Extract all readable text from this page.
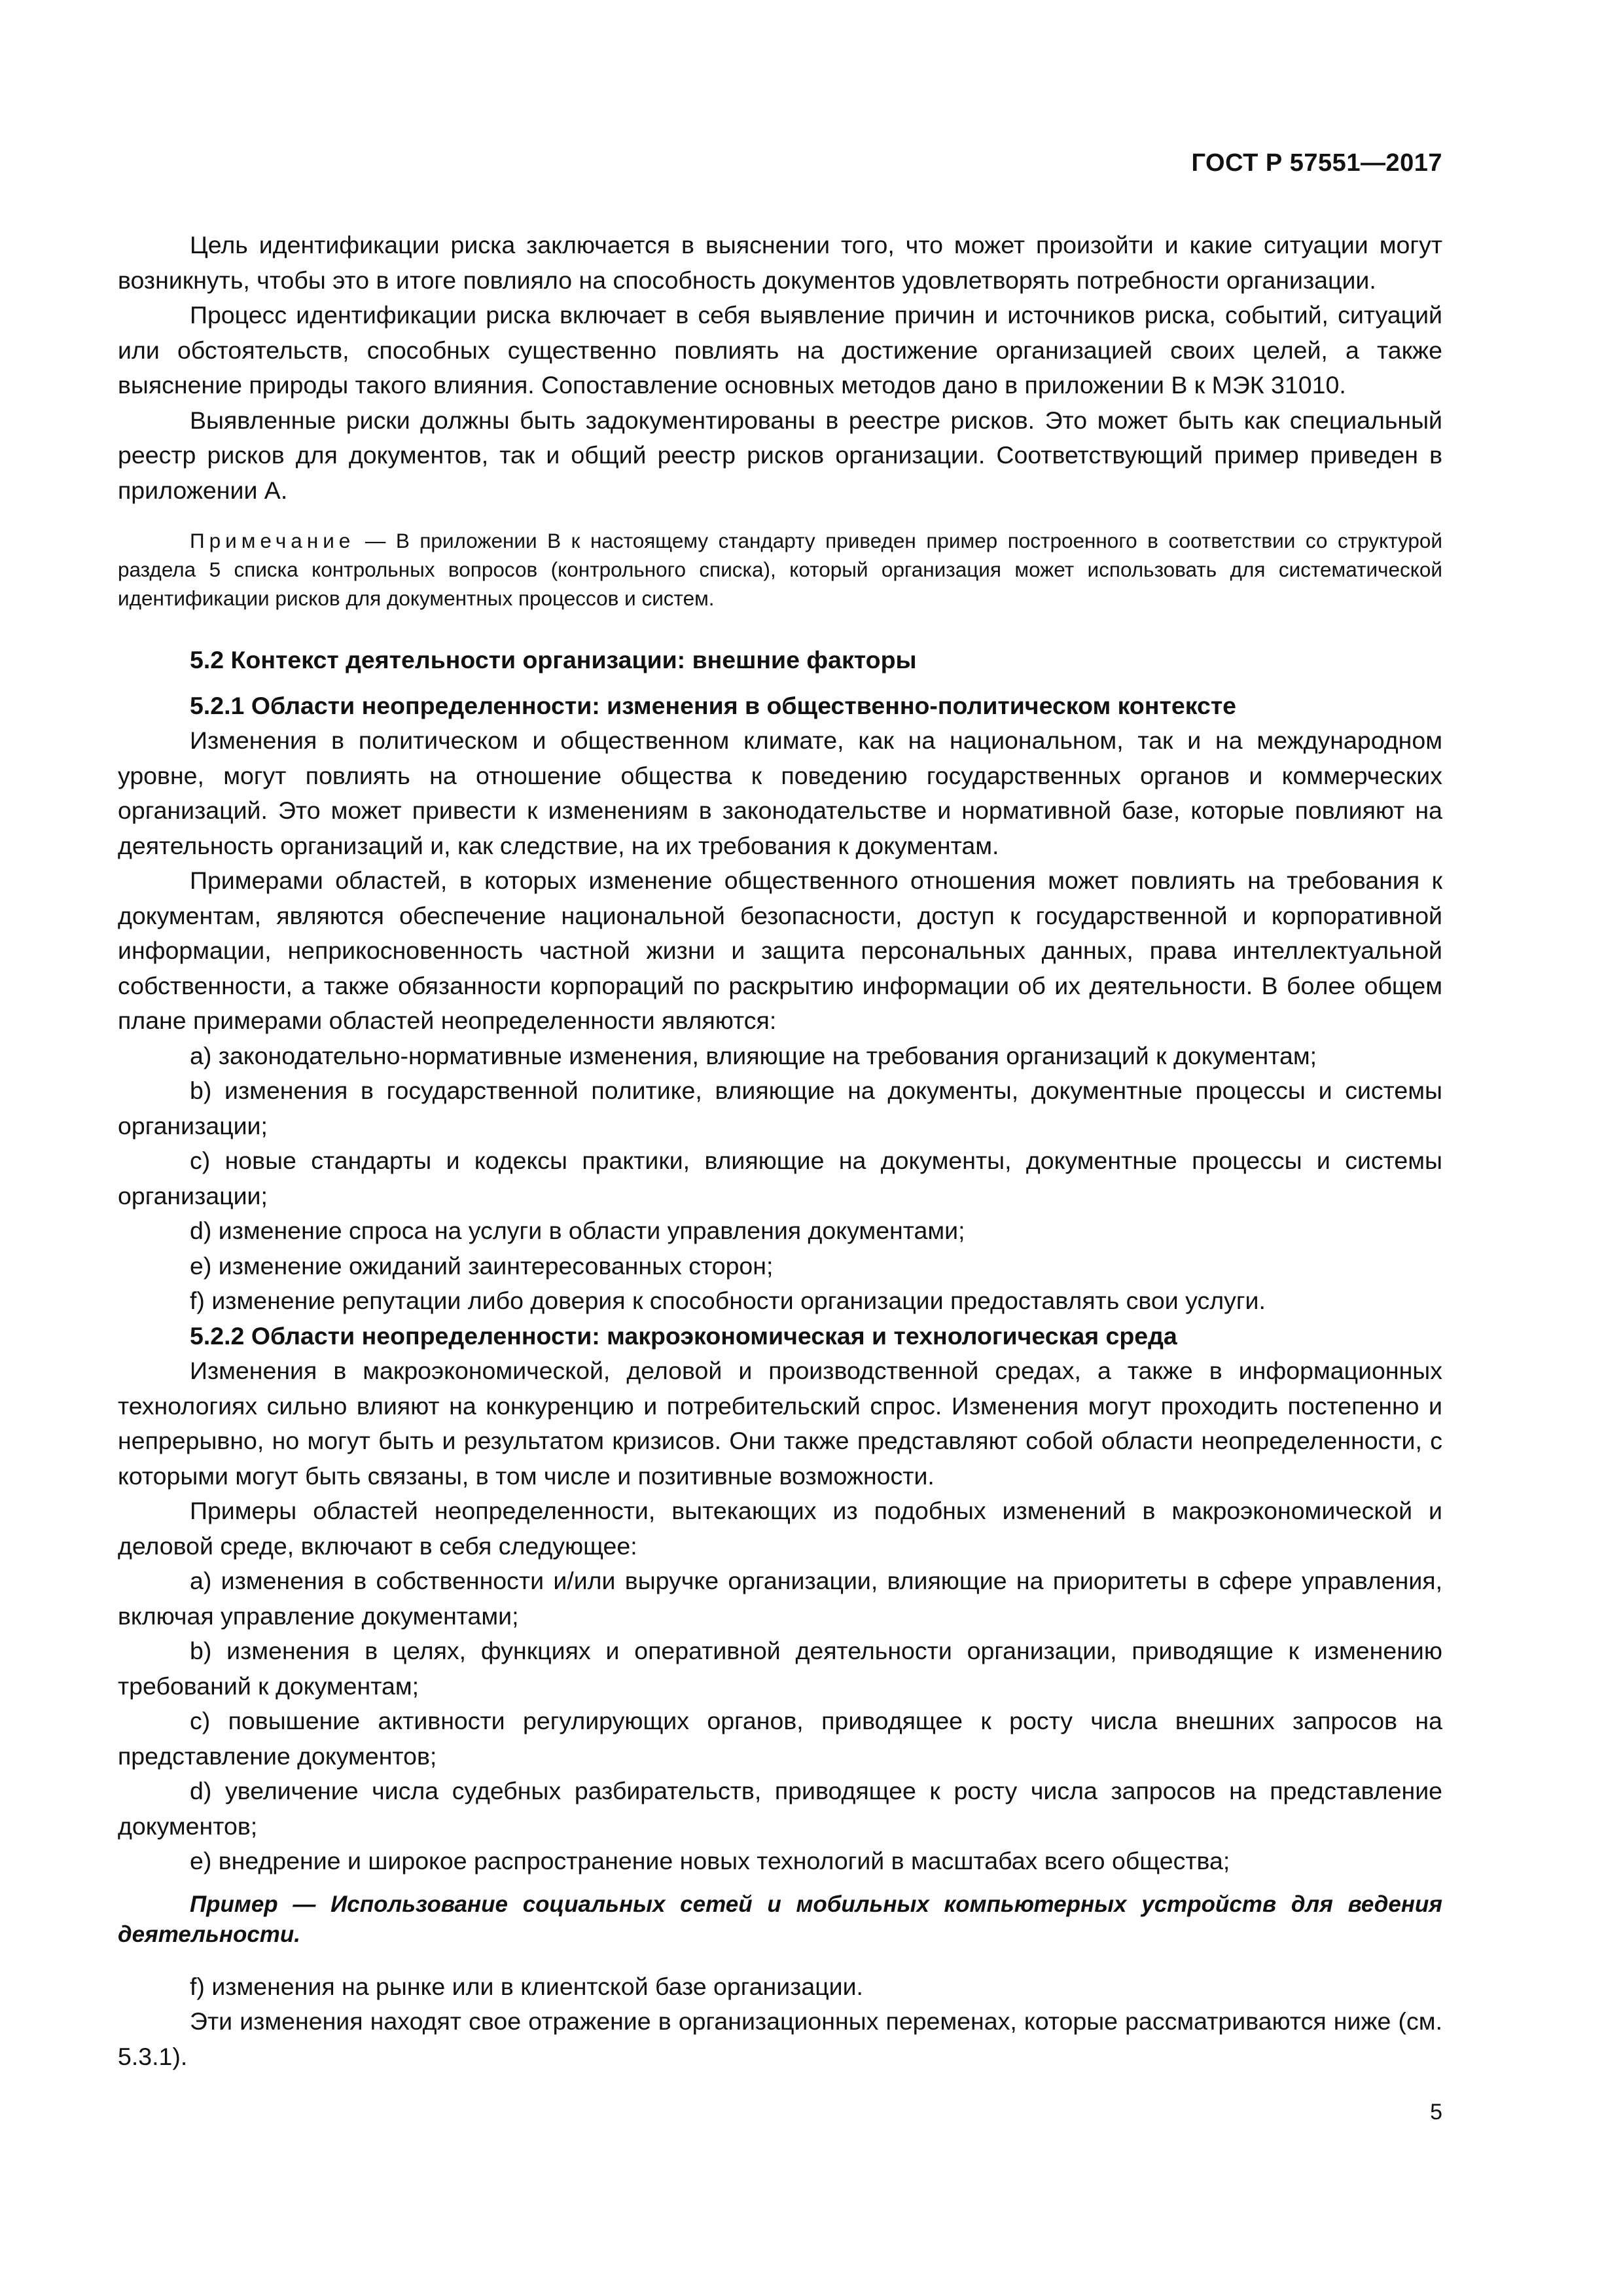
ГОСТ Р 57551—2017

Цель идентификации риска заключается в выяснении того, что может произойти и какие ситуации могут возникнуть, чтобы это в итоге повлияло на способность документов удовлетворять потребности организации.

Процесс идентификации риска включает в себя выявление причин и источников риска, событий, ситуаций или обстоятельств, способных существенно повлиять на достижение организацией своих целей, а также выяснение природы такого влияния. Сопоставление основных методов дано в приложении В к МЭК 31010.

Выявленные риски должны быть задокументированы в реестре рисков. Это может быть как специальный реестр рисков для документов, так и общий реестр рисков организации. Соответствующий пример приведен в приложении А.

Примечание — В приложении В к настоящему стандарту приведен пример построенного в соответствии со структурой раздела 5 списка контрольных вопросов (контрольного списка), который организация может использовать для систематической идентификации рисков для документных процессов и систем.

5.2 Контекст деятельности организации: внешние факторы

5.2.1 Области неопределенности: изменения в общественно-политическом контексте

Изменения в политическом и общественном климате, как на национальном, так и на международном уровне, могут повлиять на отношение общества к поведению государственных органов и коммерческих организаций. Это может привести к изменениям в законодательстве и нормативной базе, которые повлияют на деятельность организаций и, как следствие, на их требования к документам.

Примерами областей, в которых изменение общественного отношения может повлиять на требования к документам, являются обеспечение национальной безопасности, доступ к государственной и корпоративной информации, неприкосновенность частной жизни и защита персональных данных, права интеллектуальной собственности, а также обязанности корпораций по раскрытию информации об их деятельности. В более общем плане примерами областей неопределенности являются:

a) законодательно-нормативные изменения, влияющие на требования организаций к документам;

b) изменения в государственной политике, влияющие на документы, документные процессы и системы организации;

c) новые стандарты и кодексы практики, влияющие на документы, документные процессы и системы организации;

d) изменение спроса на услуги в области управления документами;

e) изменение ожиданий заинтересованных сторон;

f) изменение репутации либо доверия к способности организации предоставлять свои услуги.

5.2.2 Области неопределенности: макроэкономическая и технологическая среда

Изменения в макроэкономической, деловой и производственной средах, а также в информационных технологиях сильно влияют на конкуренцию и потребительский спрос. Изменения могут проходить постепенно и непрерывно, но могут быть и результатом кризисов. Они также представляют собой области неопределенности, с которыми могут быть связаны, в том числе и позитивные возможности.

Примеры областей неопределенности, вытекающих из подобных изменений в макроэкономической и деловой среде, включают в себя следующее:

a) изменения в собственности и/или выручке организации, влияющие на приоритеты в сфере управления, включая управление документами;

b) изменения в целях, функциях и оперативной деятельности организации, приводящие к изменению требований к документам;

c) повышение активности регулирующих органов, приводящее к росту числа внешних запросов на представление документов;

d) увеличение числа судебных разбирательств, приводящее к росту числа запросов на представление документов;

e) внедрение и широкое распространение новых технологий в масштабах всего общества;

Пример — Использование социальных сетей и мобильных компьютерных устройств для ведения деятельности.

f) изменения на рынке или в клиентской базе организации.

Эти изменения находят свое отражение в организационных переменах, которые рассматриваются ниже (см. 5.3.1).

5
